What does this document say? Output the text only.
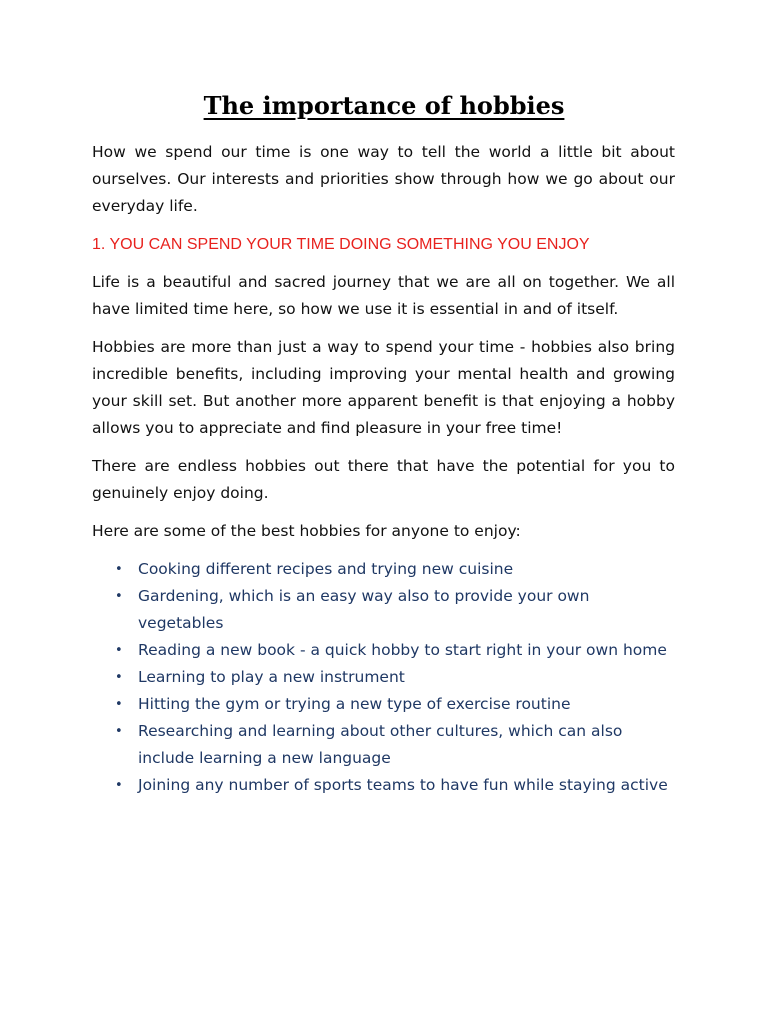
The importance of hobbies

How we spend our time is one way to tell the world a little bit about ourselves. Our interests and priorities show through how we go about our everyday life.

1. YOU CAN SPEND YOUR TIME DOING SOMETHING YOU ENJOY

Life is a beautiful and sacred journey that we are all on together. We all have limited time here, so how we use it is essential in and of itself.

Hobbies are more than just a way to spend your time - hobbies also bring incredible benefits, including improving your mental health and growing your skill set. But another more apparent benefit is that enjoying a hobby allows you to appreciate and find pleasure in your free time!

There are endless hobbies out there that have the potential for you to genuinely enjoy doing.

Here are some of the best hobbies for anyone to enjoy:

• Cooking different recipes and trying new cuisine
• Gardening, which is an easy way also to provide your own vegetables
• Reading a new book - a quick hobby to start right in your own home
• Learning to play a new instrument
• Hitting the gym or trying a new type of exercise routine
• Researching and learning about other cultures, which can also include learning a new language
• Joining any number of sports teams to have fun while staying active
